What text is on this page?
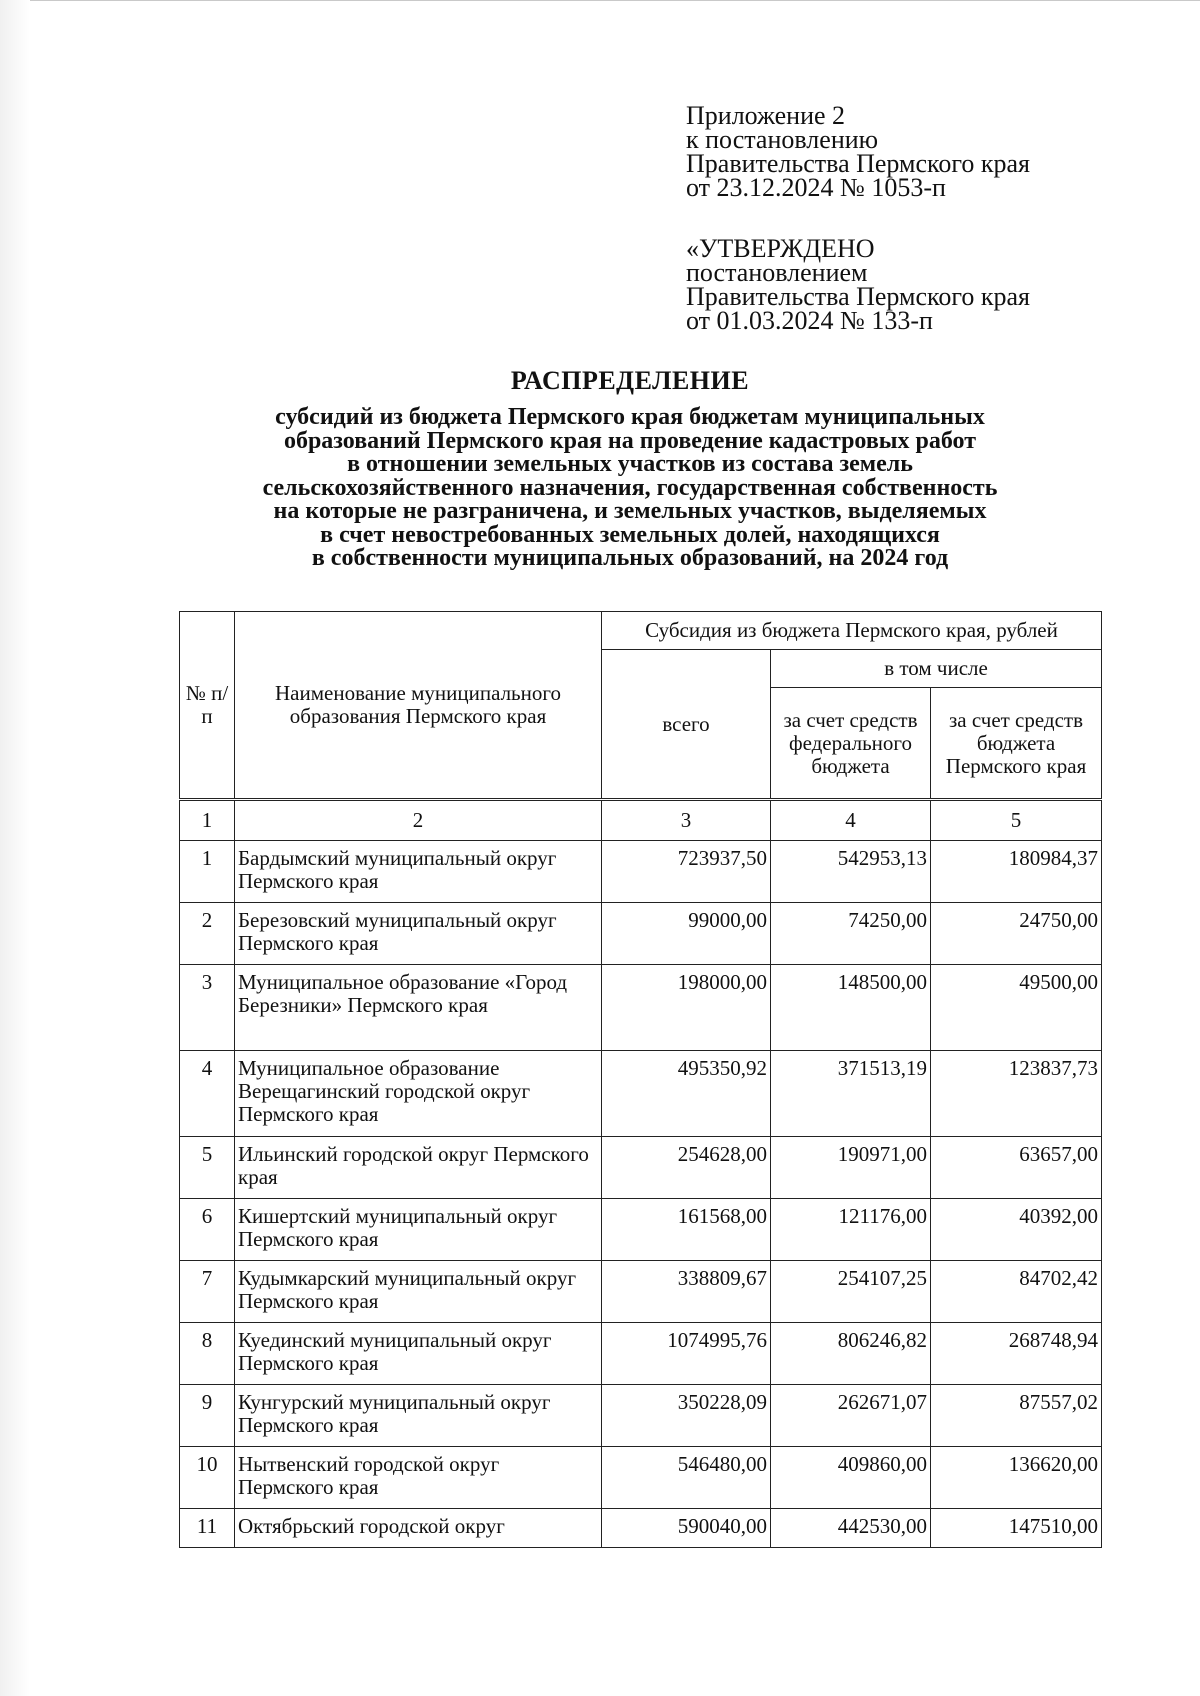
Приложение 2
к постановлению
Правительства Пермского края
от 23.12.2024 № 1053-п
«УТВЕРЖДЕНО
постановлением
Правительства Пермского края
от 01.03.2024 № 133-п
РАСПРЕДЕЛЕНИЕ
субсидий из бюджета Пермского края бюджетам муниципальных
образований Пермского края на проведение кадастровых работ
в отношении земельных участков из состава земель
сельскохозяйственного назначения, государственная собственность
на которые не разграничена, и земельных участков, выделяемых
в счет невостребованных земельных долей, находящихся
в собственности муниципальных образований, на 2024 год
№ п/п	Наименование муниципального образования Пермского края	Субсидия из бюджета Пермского края, рублей		
		всего	в том числе	
			за счет средств федерального бюджета	за счет средств бюджета Пермского края
1	2	3	4	5
1	Бардымский муниципальный округ Пермского края	723937,50	542953,13	180984,37
2	Березовский муниципальный округ Пермского края	99000,00	74250,00	24750,00
3	Муниципальное образование «Город Березники» Пермского края	198000,00	148500,00	49500,00
4	Муниципальное образование Верещагинский городской округ Пермского края	495350,92	371513,19	123837,73
5	Ильинский городской округ Пермского края	254628,00	190971,00	63657,00
6	Кишертский муниципальный округ Пермского края	161568,00	121176,00	40392,00
7	Кудымкарский муниципальный округ Пермского края	338809,67	254107,25	84702,42
8	Куединский муниципальный округ Пермского края	1074995,76	806246,82	268748,94
9	Кунгурский муниципальный округ Пермского края	350228,09	262671,07	87557,02
10	Нытвенский городской округ Пермского края	546480,00	409860,00	136620,00
11	Октябрьский городской округ	590040,00	442530,00	147510,00
